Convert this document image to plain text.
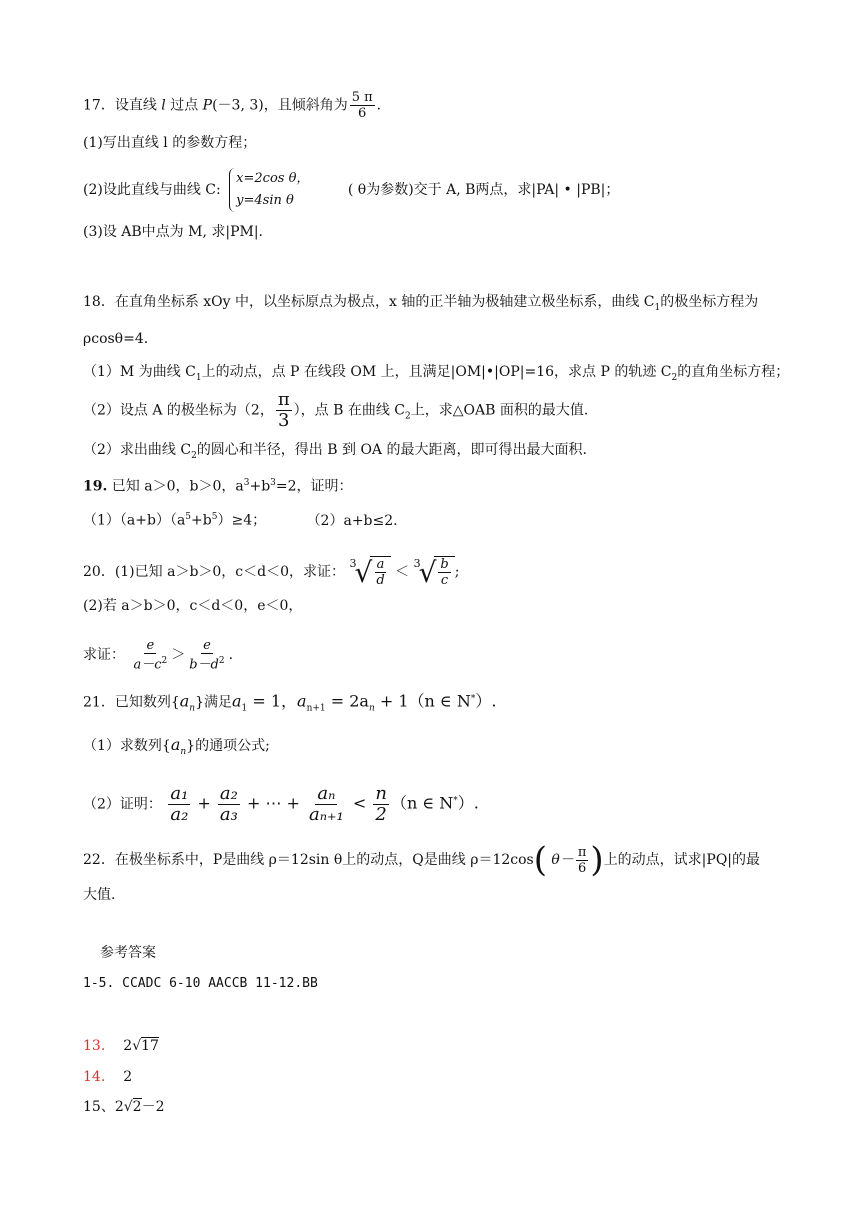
17．设直线 l 过点 P(－3, 3)，且倾斜角为 $\frac{5 \pi}{6}$ .
(1)写出直线 l 的参数方程；
(2)设此直线与曲线 C:
x=2cos θ，
y=4sin θ
( θ为参数)交于 A, B两点，求|PA| • |PB|；
(3)设 AB中点为 M, 求|PM|.
18．在直角坐标系 xOy 中，以坐标原点为极点，x 轴的正半轴为极轴建立极坐标系，曲线 $C_1$的极坐标方程为
ρcosθ=4.
（1）M 为曲线 $C_1$上的动点，点 P 在线段 OM 上，且满足|OM|•|OP|=16，求点 P 的轨迹 $C_2$的直角坐标方程；
（2）设点 A 的极坐标为（2， $\frac{\pi}{3}$ ），点 B 在曲线 $C_2$上，求△OAB 面积的最大值.
（2）求出曲线 $C_2$的圆心和半径，得出 B 到 OA 的最大距离，即可得出最大面积.
19. 已知 a＞0，b＞0，$a^3+b^3=2$，证明：
$(1)(a+b)(a^5+b^5)\ge 4$；	（2）a+b≤2.
20．(1)已知 a＞b＞0，c＜d＜0，求证：
3
√ $\frac{a}{d}$ ＜
3
√ $\frac{b}{c}$ ;
(2)若 a＞b＞0，c＜d＜0，e＜0，
求证： $\frac{e}{a-c^2} > \frac{e}{b-d^2}$ .
21．已知数列$\{a_n\}$满足$a_1 = 1$，$a_{n+1} = 2a_n + 1(n$ ∈ N*）.
（1）求数列$\{a_n\}$的通项公式;
（2）证明： $\frac{\text{a₁}}{\text{a₂}} + \frac{\text{a₂}}{\text{a₃}}$ + ⋯ + $\frac{\text{aₙ}}{\text{aₙ₊₁}} < \frac{n}{2} (n$ ∈ N*）.
22．在极坐标系中，P是曲线 ρ＝12sin θ上的动点，Q是曲线 ρ＝12cos( $\theta- \frac{\pi}{6}$ )上的动点，试求|PQ|的最
大值.
参考答案
1-5. CCADC 6-10 AACCB 11-12.BB
13. 2√17
14. 2
15、2√2－2
